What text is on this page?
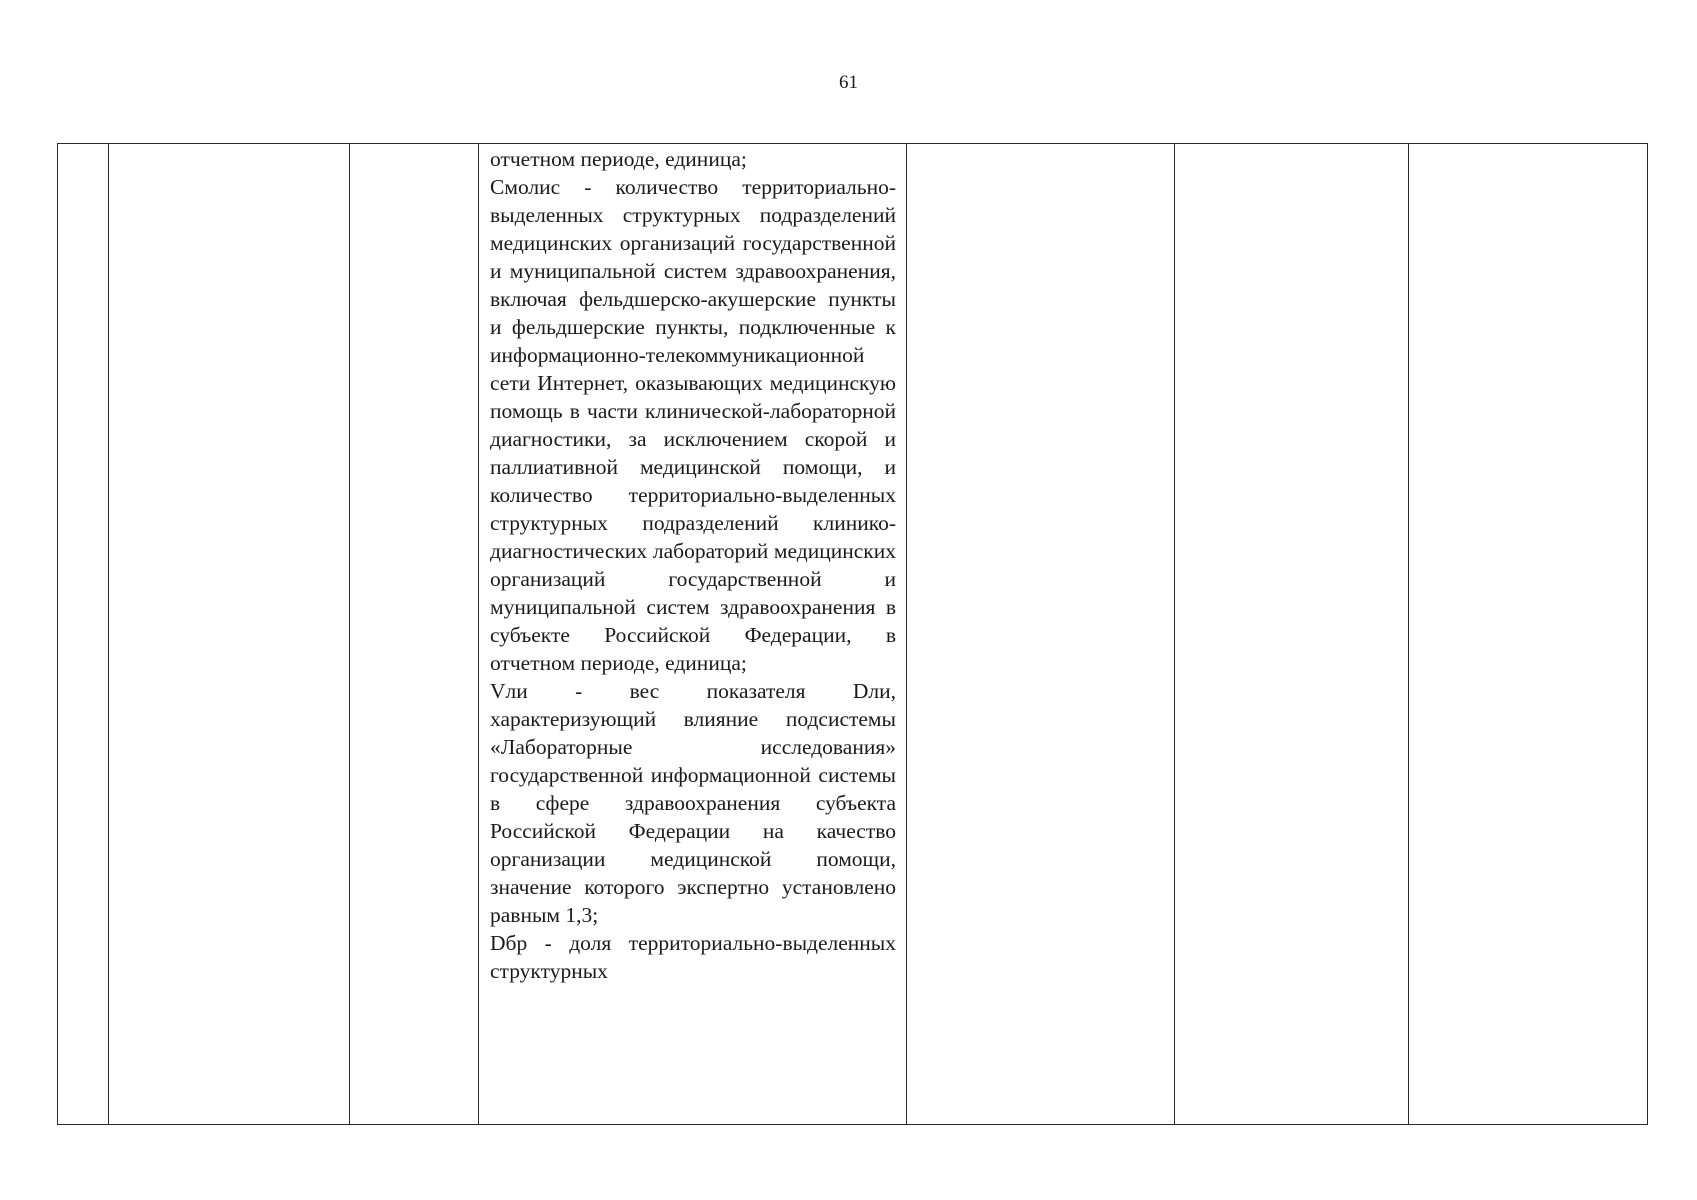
61

отчетном периоде, единица;

Смолис - количество территориально-выделенных структурных подразделений медицинских организаций государственной и муниципальной систем здравоохранения, включая фельдшерско-акушерские пункты и фельдшерские пункты, подключенные к информационно-телекоммуникационной сети Интернет, оказывающих медицинскую помощь в части клинической-лабораторной диагностики, за исключением скорой и паллиативной медицинской помощи, и количество территориально-выделенных структурных подразделений клинико-диагностических лабораторий медицинских организаций государственной и муниципальной систем здравоохранения в субъекте Российской Федерации, в отчетном периоде, единица;

Vли - вес показателя Dли, характеризующий влияние подсистемы «Лабораторные исследования» государственной информационной системы в сфере здравоохранения субъекта Российской Федерации на качество организации медицинской помощи, значение которого экспертно установлено равным 1,3;

Dбр - доля территориально-выделенных структурных
